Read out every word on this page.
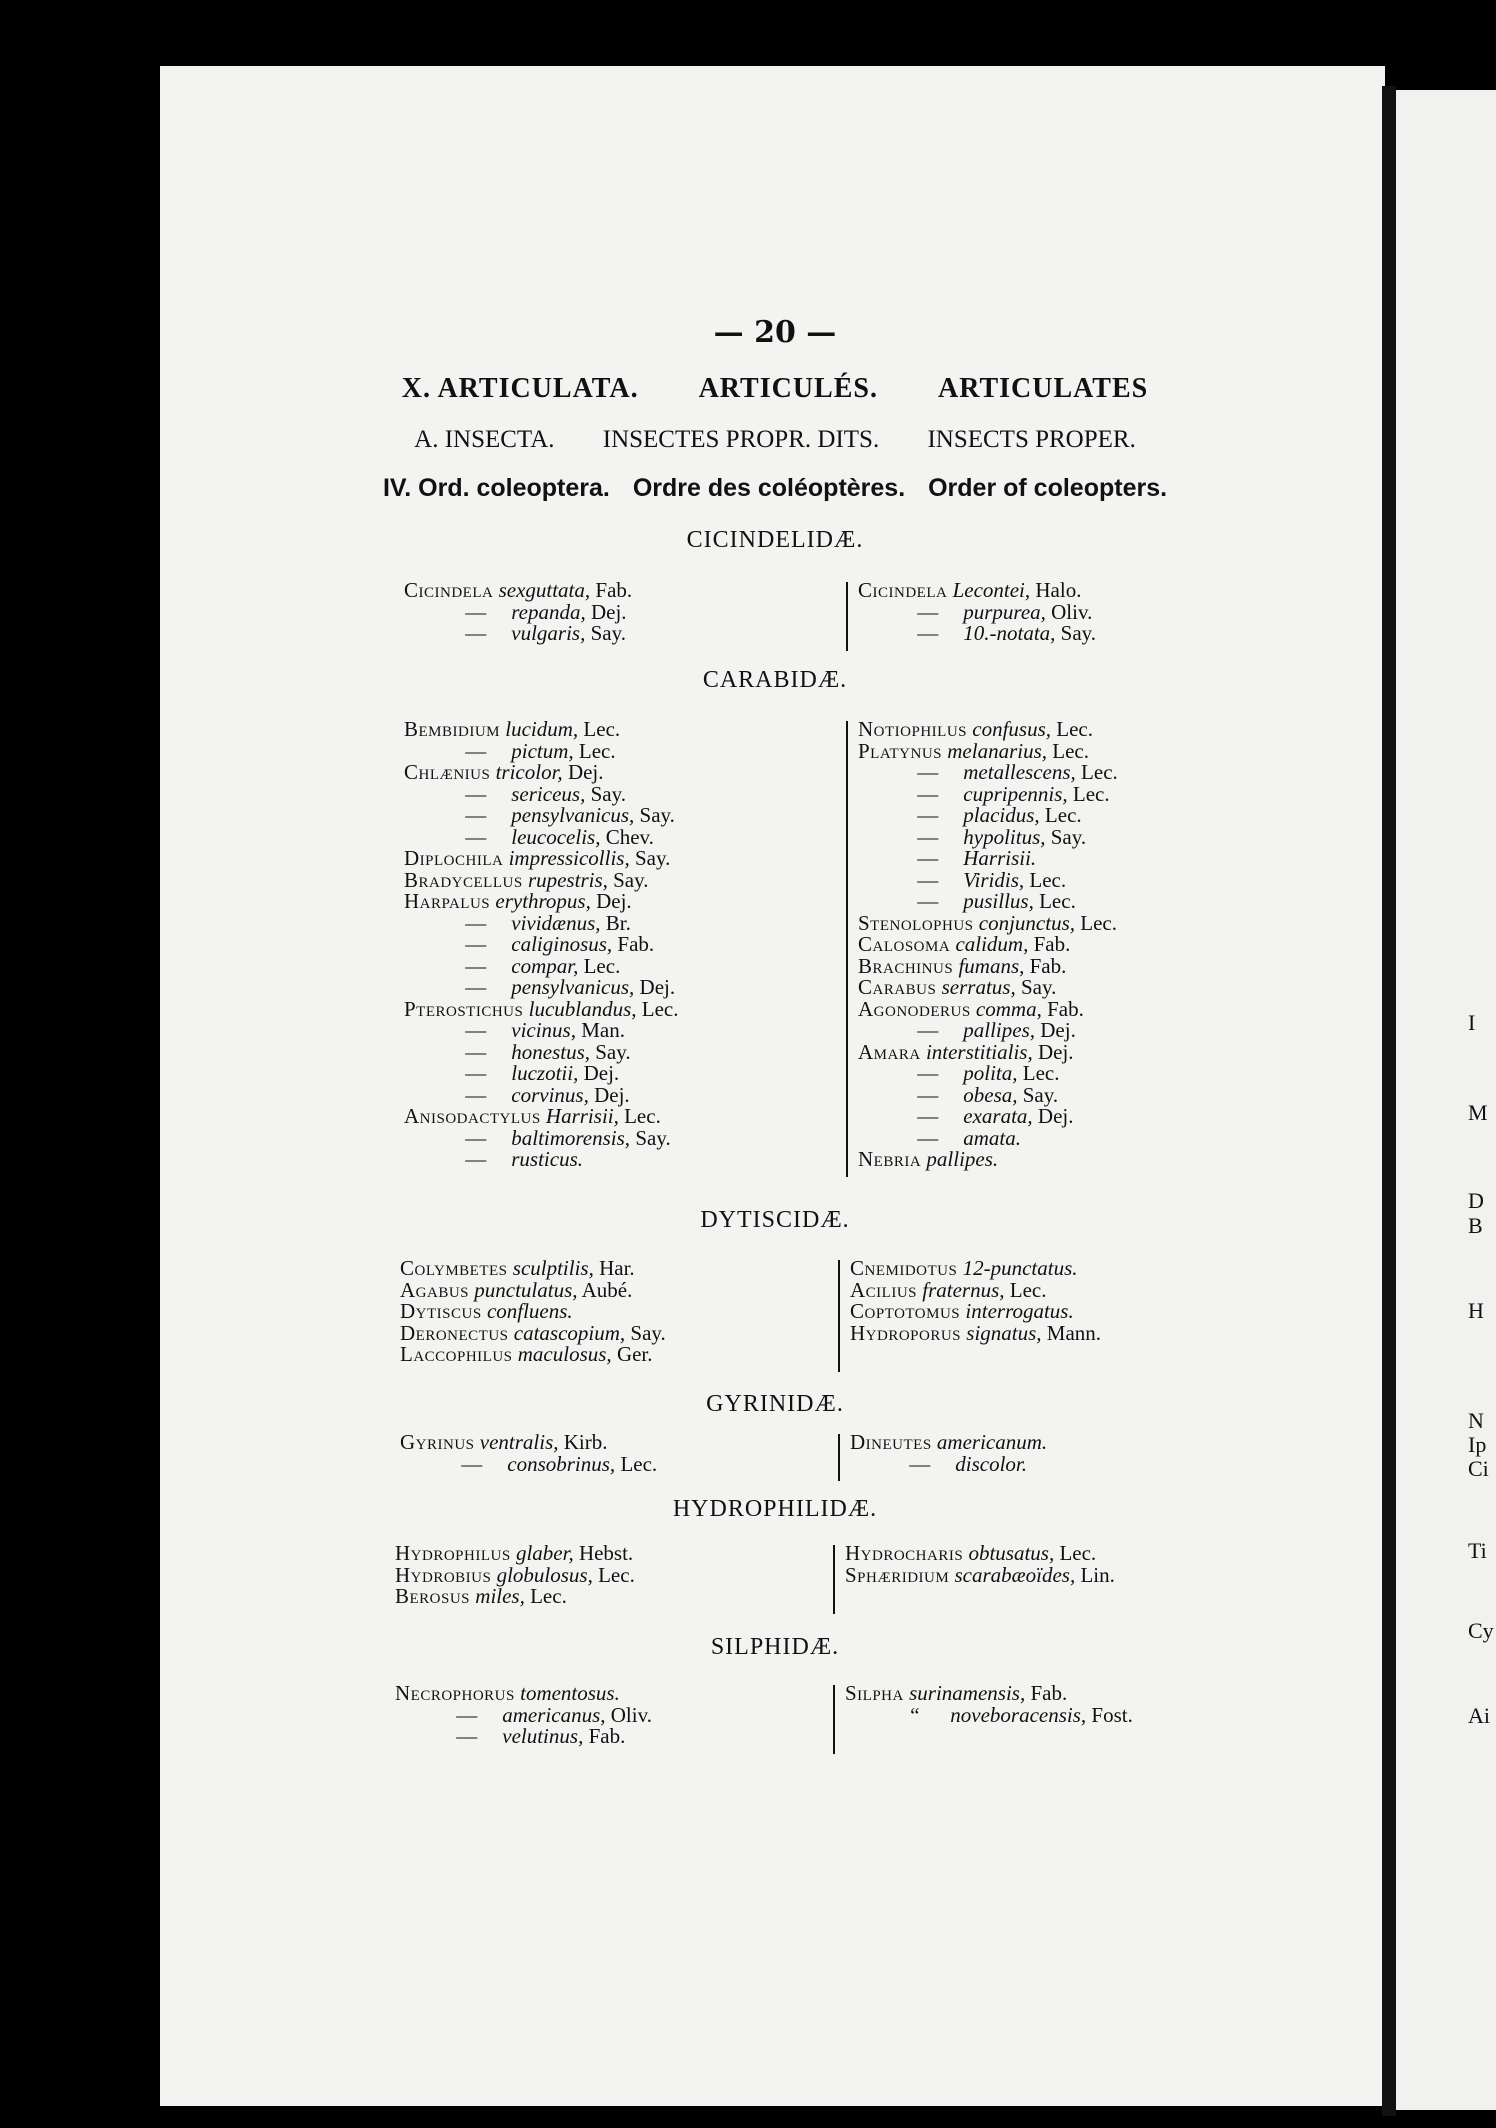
— 20 —
X. ARTICULATA. ARTICULÉS. ARTICULATES
A. INSECTA. INSECTES PROPR. DITS. INSECTS PROPER.
IV. Ord. coleoptera. Ordre des coléoptères. Order of coleopters.
CICINDELIDÆ.
Cicindela sexguttata, Fab.
— repanda, Dej.
— vulgaris, Say.
Cicindela Lecontei, Halo.
— purpurea, Oliv.
— 10.-notata, Say.
CARABIDÆ.
Bembidium lucidum, Lec.
— pictum, Lec.
Chlænius tricolor, Dej.
— sericeus, Say.
— pensylvanicus, Say.
— leucocelis, Chev.
Diplochila impressicollis, Say.
Bradycellus rupestris, Say.
Harpalus erythropus, Dej.
— vividænus, Br.
— caliginosus, Fab.
— compar, Lec.
— pensylvanicus, Dej.
Pterostichus lucublandus, Lec.
— vicinus, Man.
— honestus, Say.
— luczotii, Dej.
— corvinus, Dej.
Anisodactylus Harrisii, Lec.
— baltimorensis, Say.
— rusticus.
Notiophilus confusus, Lec.
Platynus melanarius, Lec.
— metallescens, Lec.
— cupripennis, Lec.
— placidus, Lec.
— hypolitus, Say.
— Harrisii.
— Viridis, Lec.
— pusillus, Lec.
Stenolophus conjunctus, Lec.
Calosoma calidum, Fab.
Brachinus fumans, Fab.
Carabus serratus, Say.
Agonoderus comma, Fab.
— pallipes, Dej.
Amara interstitialis, Dej.
— polita, Lec.
— obesa, Say.
— exarata, Dej.
— amata.
Nebria pallipes.
DYTISCIDÆ.
Colymbetes sculptilis, Har.
Agabus punctulatus, Aubé.
Dytiscus confluens.
Deronectus catascopium, Say.
Laccophilus maculosus, Ger.
Cnemidotus 12-punctatus.
Acilius fraternus, Lec.
Coptotomus interrogatus.
Hydroporus signatus, Mann.
GYRINIDÆ.
Gyrinus ventralis, Kirb.
— consobrinus, Lec.
Dineutes americanum.
— discolor.
HYDROPHILIDÆ.
Hydrophilus glaber, Hebst.
Hydrobius globulosus, Lec.
Berosus miles, Lec.
Hydrocharis obtusatus, Lec.
Sphæridium scarabæoïdes, Lin.
SILPHIDÆ.
Necrophorus tomentosus.
— americanus, Oliv.
— velutinus, Fab.
Silpha surinamensis, Fab.
“ noveboracensis, Fost.
I
M
D
B
H
N
Ip
Ci
Ti
Cy
Ai
